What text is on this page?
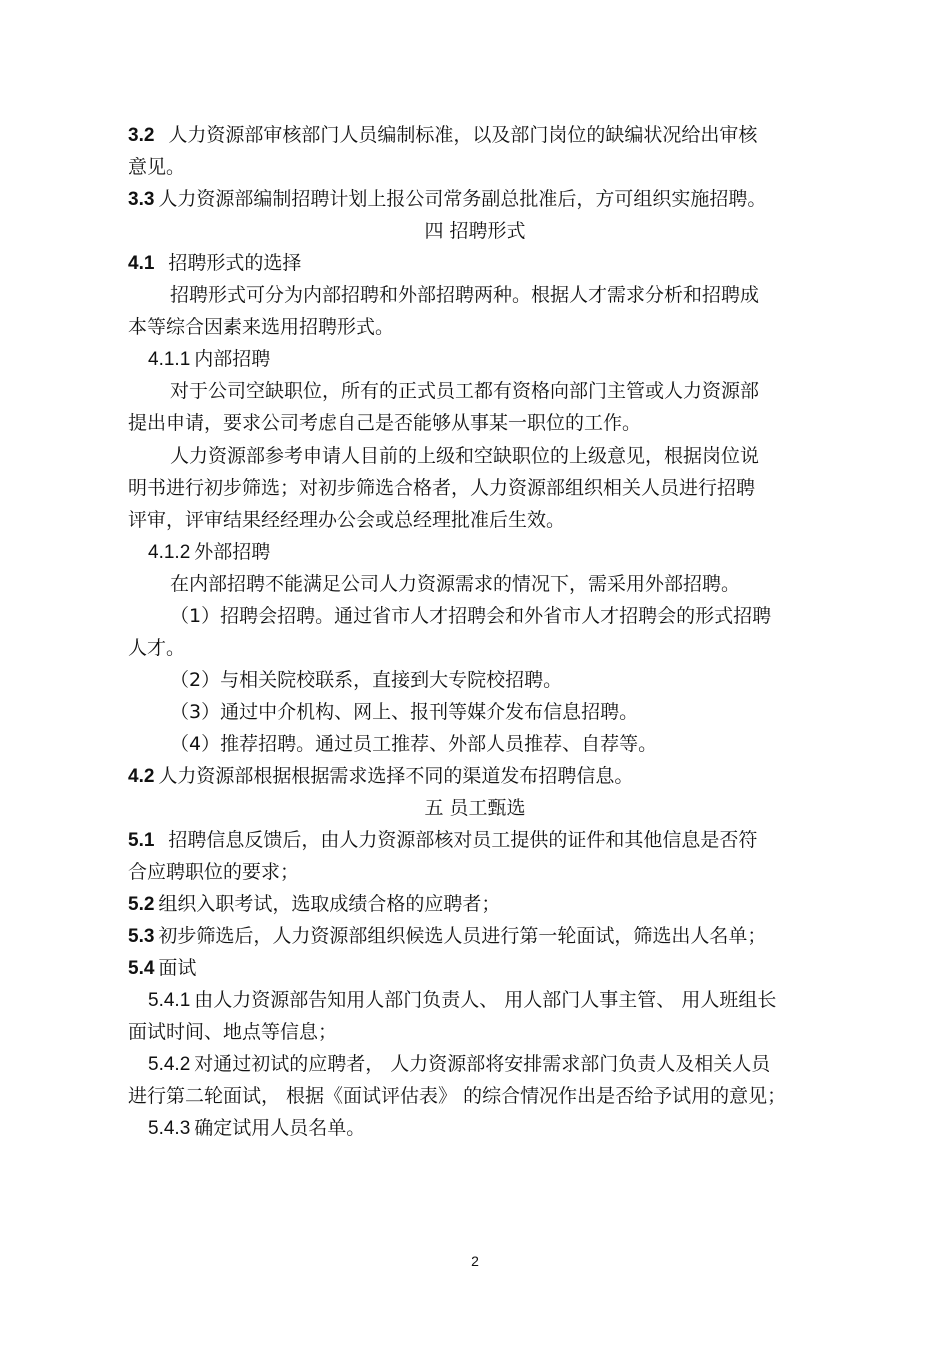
3.2 人力资源部审核部门人员编制标准，以及部门岗位的缺编状况给出审核

意见。

3.3 人力资源部编制招聘计划上报公司常务副总批准后，方可组织实施招聘。

四 招聘形式

4.1 招聘形式的选择

招聘形式可分为内部招聘和外部招聘两种。根据人才需求分析和招聘成

本等综合因素来选用招聘形式。

4.1.1 内部招聘

对于公司空缺职位，所有的正式员工都有资格向部门主管或人力资源部

提出申请，要求公司考虑自己是否能够从事某一职位的工作。

人力资源部参考申请人目前的上级和空缺职位的上级意见，根据岗位说

明书进行初步筛选；对初步筛选合格者，人力资源部组织相关人员进行招聘

评审，评审结果经经理办公会或总经理批准后生效。

4.1.2 外部招聘

在内部招聘不能满足公司人力资源需求的情况下，需采用外部招聘。

（1）招聘会招聘。通过省市人才招聘会和外省市人才招聘会的形式招聘

人才。

（2）与相关院校联系，直接到大专院校招聘。

（3）通过中介机构、网上、报刊等媒介发布信息招聘。

（4）推荐招聘。通过员工推荐、外部人员推荐、自荐等。

4.2 人力资源部根据根据需求选择不同的渠道发布招聘信息。

五 员工甄选

5.1 招聘信息反馈后，由人力资源部核对员工提供的证件和其他信息是否符

合应聘职位的要求；

5.2 组织入职考试，选取成绩合格的应聘者；

5.3 初步筛选后，人力资源部组织候选人员进行第一轮面试，筛选出人名单；

5.4 面试

5.4.1 由人力资源部告知用人部门负责人、 用人部门人事主管、 用人班组长

面试时间、地点等信息；

5.4.2 对通过初试的应聘者， 人力资源部将安排需求部门负责人及相关人员

进行第二轮面试， 根据《面试评估表》 的综合情况作出是否给予试用的意见；

5.4.3 确定试用人员名单。

2
